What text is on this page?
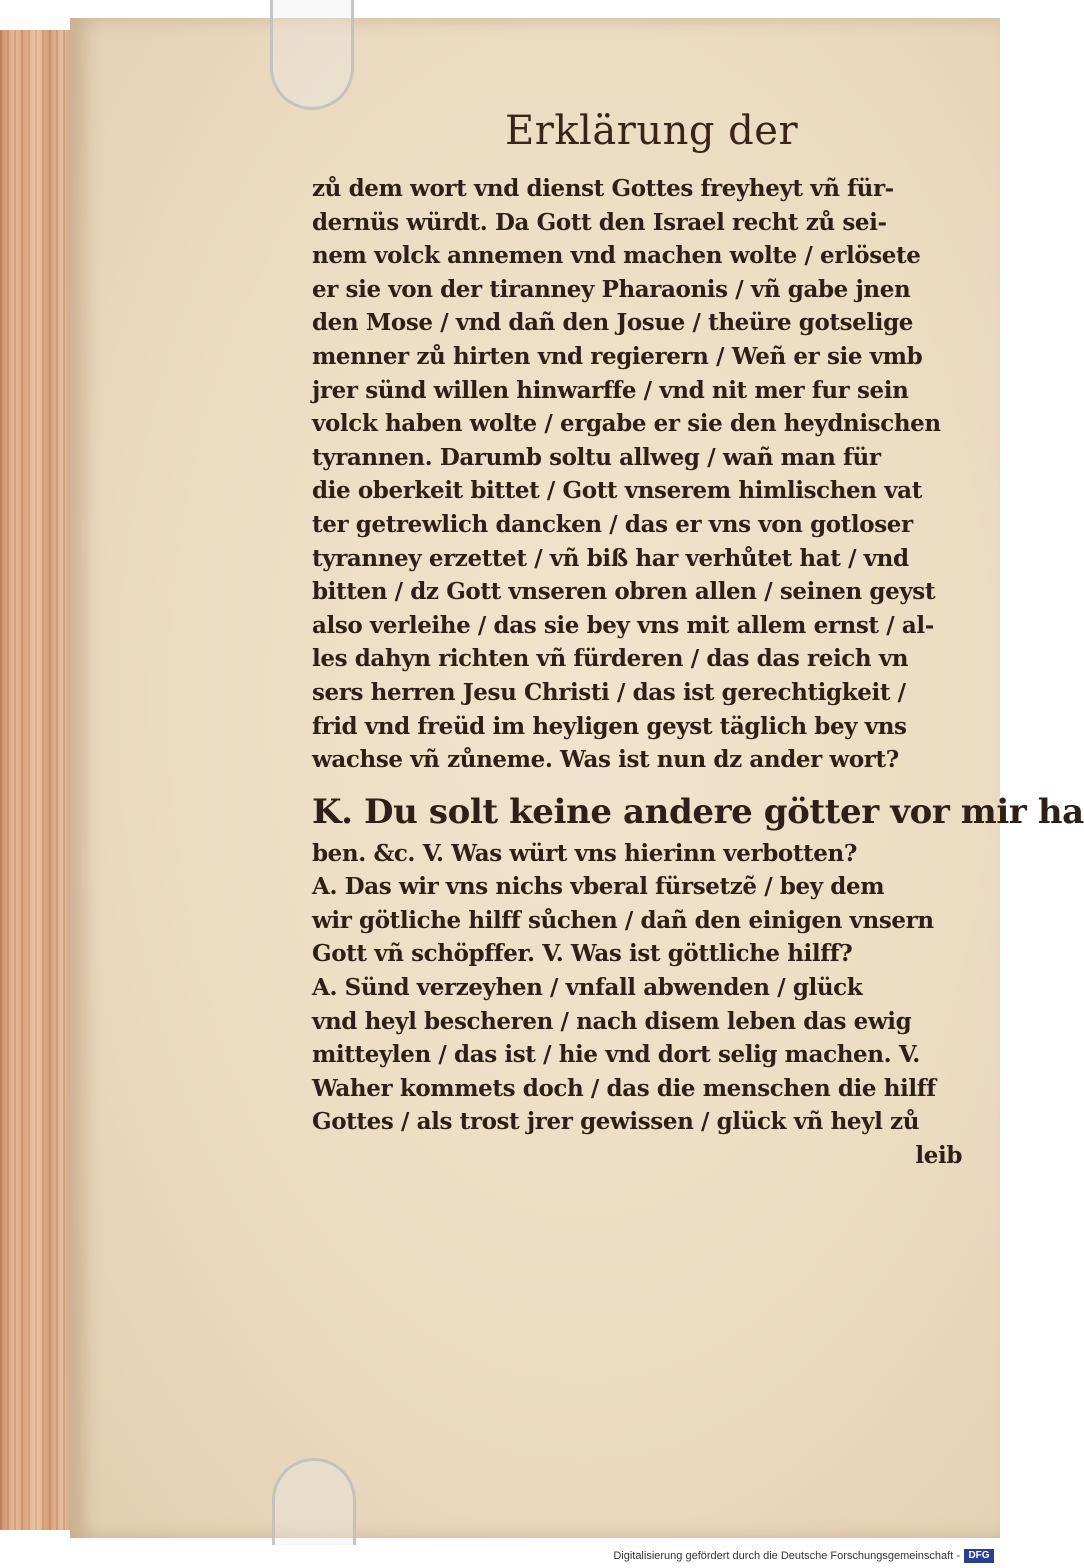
Erklärung der
zů dem wort vnd dienst Gottes freyheyt vñ für-
dernüs würdt. Da Gott den Israel recht zů sei-
nem volck annemen vnd machen wolte / erlösete
er sie von der tiranney Pharaonis / vñ gabe jnen
den Mose / vnd dañ den Josue / theüre gotselige
menner zů hirten vnd regierern / Weñ er sie vmb
jrer sünd willen hinwarffe / vnd nit mer fur sein
volck haben wolte / ergabe er sie den heydnischen
tyrannen. Darumb soltu allweg / wañ man für
die oberkeit bittet / Gott vnserem himlischen vat
ter getrewlich dancken / das er vns von gotloser
tyranney erzettet / vñ biß har verhůtet hat / vnd
bitten / dz Gott vnseren obren allen / seinen geyst
also verleihe / das sie bey vns mit allem ernst / al-
les dahyn richten vñ fürderen / das das reich vn
sers herren Jesu Christi / das ist gerechtigkeit /
frid vnd freüd im heyligen geyst täglich bey vns
wachse vñ zůneme. Was ist nun dz ander wort?
K. Du solt keine andere götter vor mir ha
ben. &c. V. Was würt vns hierinn verbotten?
A. Das wir vns nichs vberal fürsetzẽ / bey dem
wir götliche hilff sůchen / dañ den einigen vnsern
Gott vñ schöpffer. V. Was ist göttliche hilff?
A. Sünd verzeyhen / vnfall abwenden / glück
vnd heyl bescheren / nach disem leben das ewig
mitteylen / das ist / hie vnd dort selig machen. V.
Waher kommets doch / das die menschen die hilff
Gottes / als trost jrer gewissen / glück vñ heyl zů
leib
Digitalisierung gefördert durch die Deutsche Forschungsgemeinschaft - DFG
